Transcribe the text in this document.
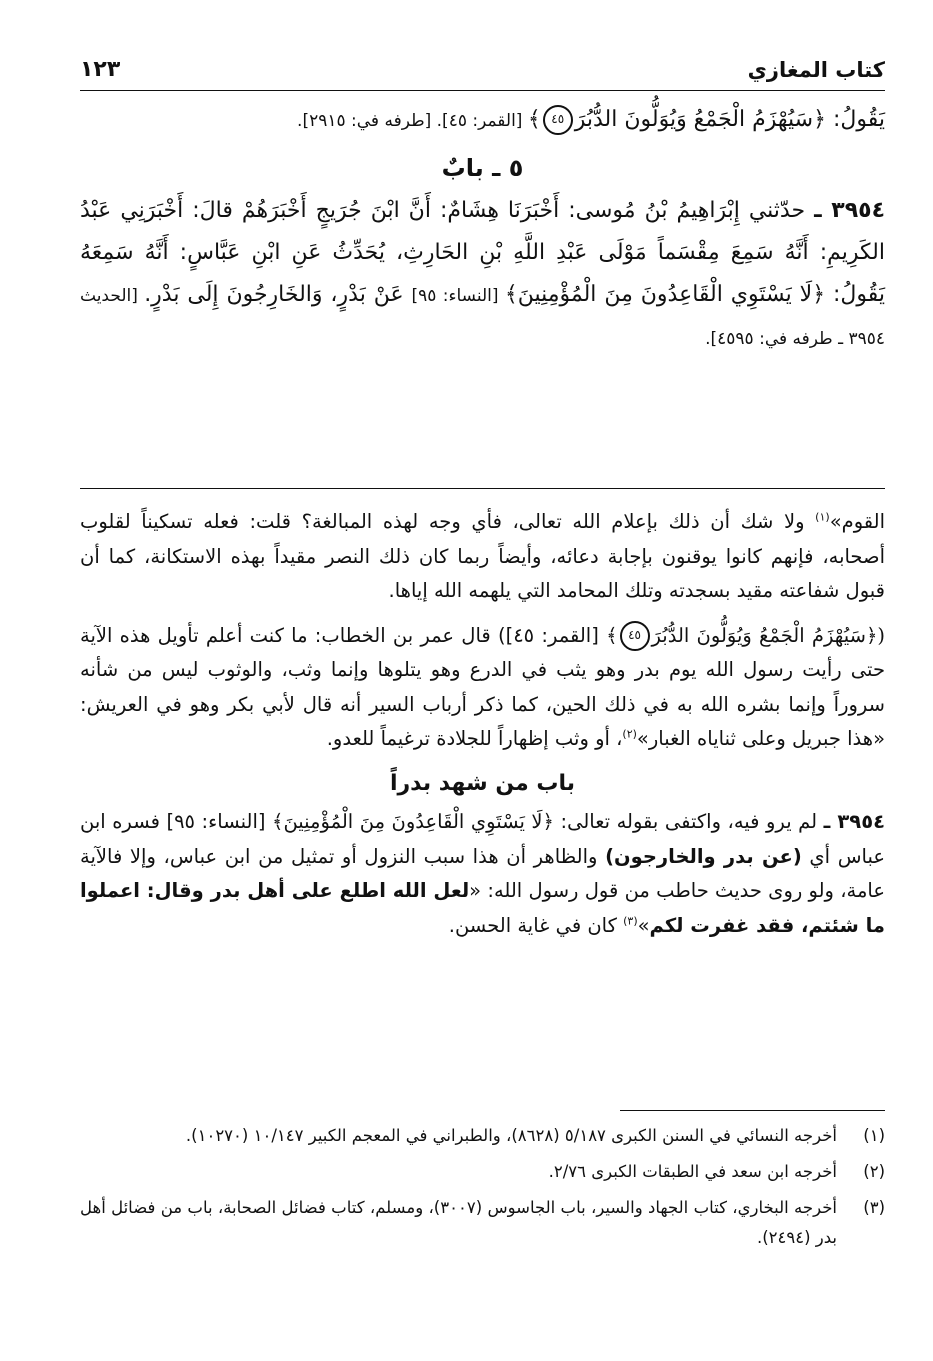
كتاب المغازي
١٢٣

يَقُولُ: ﴿سَيُهْزَمُ الْجَمْعُ وَيُوَلُّونَ الدُّبُرَ٤٥﴾ [القمر: ٤٥]. [طرفه في: ٢٩١٥].

٥ ـ بابٌ

٣٩٥٤ ـ حدّثني إِبْرَاهِيمُ بْنُ مُوسى: أَخْبَرَنَا هِشَامٌ: أَنَّ ابْنَ جُرَيجٍ أَخْبَرَهُمْ قالَ: أَخْبَرَنِي عَبْدُ الكَرِيمِ: أَنَّهُ سَمِعَ مِقْسَماً مَوْلَى عَبْدِ اللَّهِ بْنِ الحَارِثِ، يُحَدِّثُ عَنِ ابْنِ عَبَّاسٍ: أَنَّهُ سَمِعَهُ يَقُولُ: ﴿لَا يَسْتَوِي الْقَاعِدُونَ مِنَ الْمُؤْمِنِينَ﴾ [النساء: ٩٥] عَنْ بَدْرٍ، وَالخَارِجُونَ إِلَى بَدْرٍ. [الحديث ٣٩٥٤ ـ طرفه في: ٤٥٩٥].

القوم»$^{(١)}$ ولا شك أن ذلك بإعلام الله تعالى، فأي وجه لهذه المبالغة؟ قلت: فعله تسكيناً لقلوب أصحابه، فإنهم كانوا يوقنون بإجابة دعائه، وأيضاً ربما كان ذلك النصر مقيداً بهذه الاستكانة، كما أن قبول شفاعته مقيد بسجدته وتلك المحامد التي يلهمه الله إياها.

(﴿سَيُهْزَمُ الْجَمْعُ وَيُوَلُّونَ الدُّبُرَ٤٥﴾ [القمر: ٤٥]) قال عمر بن الخطاب: ما كنت أعلم تأويل هذه الآية حتى رأيت رسول الله يوم بدر وهو يثب في الدرع وهو يتلوها وإنما وثب، والوثوب ليس من شأنه سروراً وإنما بشره الله به في ذلك الحين، كما ذكر أرباب السير أنه قال لأبي بكر وهو في العريش: «هذا جبريل وعلى ثناياه الغبار»$^{(٢)}$، أو وثب إظهاراً للجلادة ترغيماً للعدو.

باب من شهد بدراً

٣٩٥٤ ـ لم يرو فيه، واكتفى بقوله تعالى: ﴿لَا يَسْتَوِي الْقَاعِدُونَ مِنَ الْمُؤْمِنِينَ﴾ [النساء: ٩٥] فسره ابن عباس أي (عن بدر والخارجون) والظاهر أن هذا سبب النزول أو تمثيل من ابن عباس، وإلا فالآية عامة، ولو روى حديث حاطب من قول رسول الله: «لعل الله اطلع على أهل بدر وقال: اعملوا ما شئتم، فقد غفرت لكم»$^{(٣)}$ كان في غاية الحسن.

(١)
أخرجه النسائي في السنن الكبرى ٥/١٨٧ (٨٦٢٨)، والطبراني في المعجم الكبير ١٠/١٤٧ (١٠٢٧٠).
(٢)
أخرجه ابن سعد في الطبقات الكبرى ٢/٧٦.
(٣)
أخرجه البخاري، كتاب الجهاد والسير، باب الجاسوس (٣٠٠٧)، ومسلم، كتاب فضائل الصحابة، باب من فضائل أهل بدر (٢٤٩٤).
